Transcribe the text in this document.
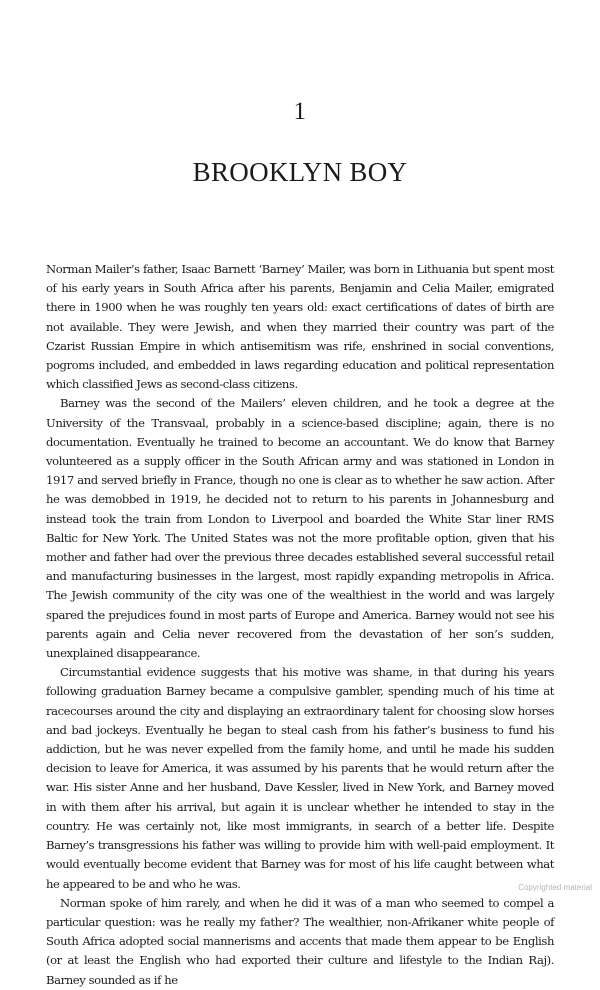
1
BROOKLYN BOY

Norman Mailer’s father, Isaac Barnett ‘Barney’ Mailer, was born in Lithuania but spent most of his early years in South Africa after his parents, Benjamin and Celia Mailer, emigrated there in 1900 when he was roughly ten years old: exact certifications of dates of birth are not available. They were Jewish, and when they married their country was part of the Czarist Russian Empire in which antisemitism was rife, enshrined in social conventions, pogroms included, and embedded in laws regarding education and political representation which classified Jews as second-class citizens.

Barney was the second of the Mailers’ eleven children, and he took a degree at the University of the Transvaal, probably in a science-based discipline; again, there is no documentation. Eventually he trained to become an accountant. We do know that Barney volunteered as a supply officer in the South African army and was stationed in London in 1917 and served briefly in France, though no one is clear as to whether he saw action. After he was demobbed in 1919, he decided not to return to his parents in Johannesburg and instead took the train from London to Liverpool and boarded the White Star liner RMS Baltic for New York. The United States was not the more profitable option, given that his mother and father had over the previous three decades established several successful retail and manufacturing businesses in the largest, most rapidly expanding metropolis in Africa. The Jewish community of the city was one of the wealthiest in the world and was largely spared the prejudices found in most parts of Europe and America. Barney would not see his parents again and Celia never recovered from the devastation of her son’s sudden, unexplained disappearance.

Circumstantial evidence suggests that his motive was shame, in that during his years following graduation Barney became a compulsive gambler, spending much of his time at racecourses around the city and displaying an extraordinary talent for choosing slow horses and bad jockeys. Eventually he began to steal cash from his father’s business to fund his addiction, but he was never expelled from the family home, and until he made his sudden decision to leave for America, it was assumed by his parents that he would return after the war. His sister Anne and her husband, Dave Kessler, lived in New York, and Barney moved in with them after his arrival, but again it is unclear whether he intended to stay in the country. He was certainly not, like most immigrants, in search of a better life. Despite Barney’s transgressions his father was willing to provide him with well-paid employment. It would eventually become evident that Barney was for most of his life caught between what he appeared to be and who he was.

Norman spoke of him rarely, and when he did it was of a man who seemed to compel a particular question: was he really my father? The wealthier, non-Afrikaner white people of South Africa adopted social mannerisms and accents that made them appear to be English (or at least the English who had exported their culture and lifestyle to the Indian Raj). Barney sounded as if he

Copyrighted material
